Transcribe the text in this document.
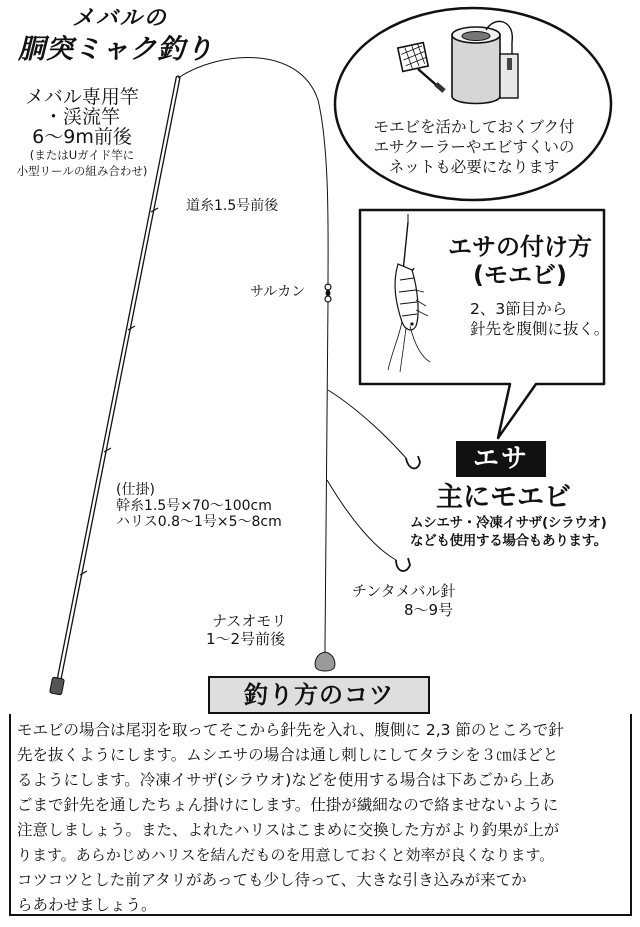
メバルの
胴突ミャク釣り
メバル専用竿
・渓流竿
6〜9m前後
(またはUガイド竿に
小型リールの組み合わせ)
道糸1.5号前後
サルカン
(仕掛)
幹糸1.5号×70〜100cm
ハリス0.8〜1号×5〜8cm
チンタメバル針
8〜9号
ナスオモリ
1〜2号前後
モエビを活かしておくブク付
エサクーラーやエビすくいの
ネットも必要になります
エサの付け方
(モエビ)
2、3節目から
針先を腹側に抜く。
エサ
主にモエビ
ムシエサ・冷凍イサザ(シラウオ)
なども使用する場合もあります。
釣り方のコツ
モエビの場合は尾羽を取ってそこから針先を入れ、腹側に 2,3 節のところで針
先を抜くようにします。ムシエサの場合は通し刺しにしてタラシを３㎝ほどと
るようにします。冷凍イサザ(シラウオ)などを使用する場合は下あごから上あ
ごまで針先を通したちょん掛けにします。仕掛が繊細なので絡ませないように
注意しましょう。また、よれたハリスはこまめに交換した方がより釣果が上が
ります。あらかじめハリスを結んだものを用意しておくと効率が良くなります。
コツコツとした前アタリがあっても少し待って、大きな引き込みが来てか
らあわせましょう。
